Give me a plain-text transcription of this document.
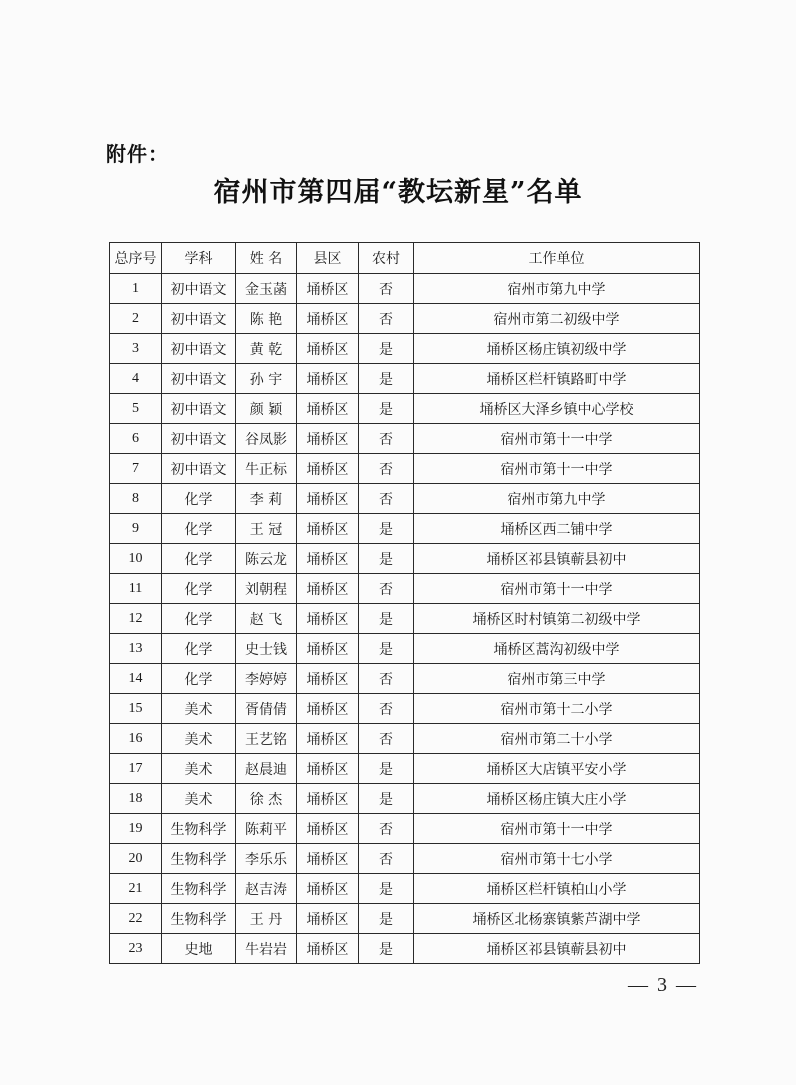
附件：
宿州市第四届“教坛新星”名单
总序号	学科	姓 名	县区	农村	工作单位
1	初中语文	金玉菡	埇桥区	否	宿州市第九中学
2	初中语文	陈 艳	埇桥区	否	宿州市第二初级中学
3	初中语文	黄 乾	埇桥区	是	埇桥区杨庄镇初级中学
4	初中语文	孙 宇	埇桥区	是	埇桥区栏杆镇路町中学
5	初中语文	颜 颖	埇桥区	是	埇桥区大泽乡镇中心学校
6	初中语文	谷凤影	埇桥区	否	宿州市第十一中学
7	初中语文	牛正标	埇桥区	否	宿州市第十一中学
8	化学	李 莉	埇桥区	否	宿州市第九中学
9	化学	王 冠	埇桥区	是	埇桥区西二铺中学
10	化学	陈云龙	埇桥区	是	埇桥区祁县镇蕲县初中
11	化学	刘朝程	埇桥区	否	宿州市第十一中学
12	化学	赵 飞	埇桥区	是	埇桥区时村镇第二初级中学
13	化学	史士钱	埇桥区	是	埇桥区蒿沟初级中学
14	化学	李婷婷	埇桥区	否	宿州市第三中学
15	美术	胥倩倩	埇桥区	否	宿州市第十二小学
16	美术	王艺铭	埇桥区	否	宿州市第二十小学
17	美术	赵晨迪	埇桥区	是	埇桥区大店镇平安小学
18	美术	徐 杰	埇桥区	是	埇桥区杨庄镇大庄小学
19	生物科学	陈莉平	埇桥区	否	宿州市第十一中学
20	生物科学	李乐乐	埇桥区	否	宿州市第十七小学
21	生物科学	赵吉涛	埇桥区	是	埇桥区栏杆镇柏山小学
22	生物科学	王 丹	埇桥区	是	埇桥区北杨寨镇紫芦湖中学
23	史地	牛岩岩	埇桥区	是	埇桥区祁县镇蕲县初中
— 3 —
